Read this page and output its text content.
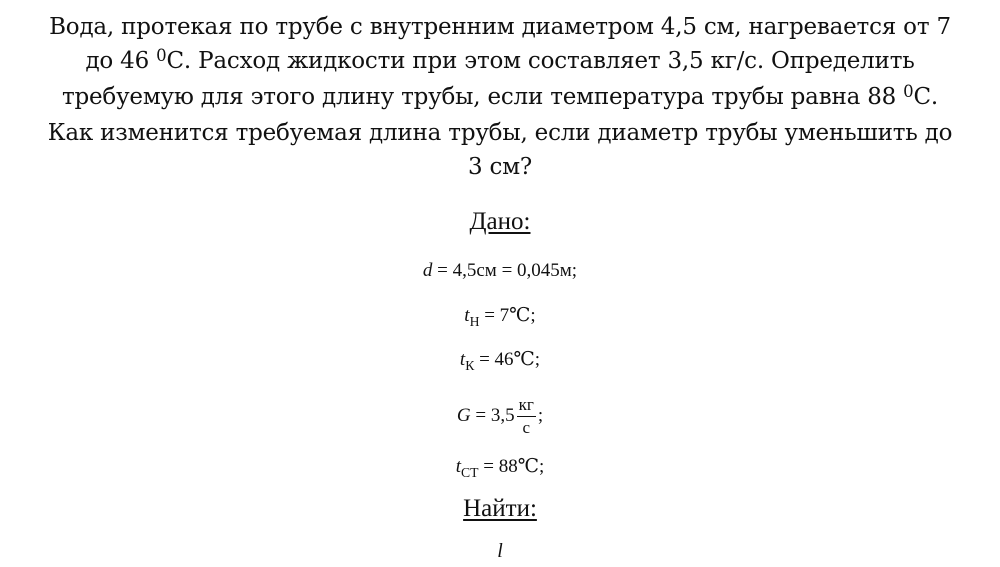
Вода, протекая по трубе с внутренним диаметром 4,5 см, нагревается от 7

до 46 $^0$С. Расход жидкости при этом составляет 3,5 кг/с. Определить

требуемую для этого длину трубы, если температура трубы равна 88 $^0$С.

Как изменится требуемая длина трубы, если диаметр трубы уменьшить до

3 см?

Дано:
d = 4,5см = 0,045м;
$t_Н$ = 7℃;
$t_К$ = 46℃;
$G = 3,5 \frac{кг}{с}$ ;
$t_{СТ}$ = 88℃;
Найти:
l
